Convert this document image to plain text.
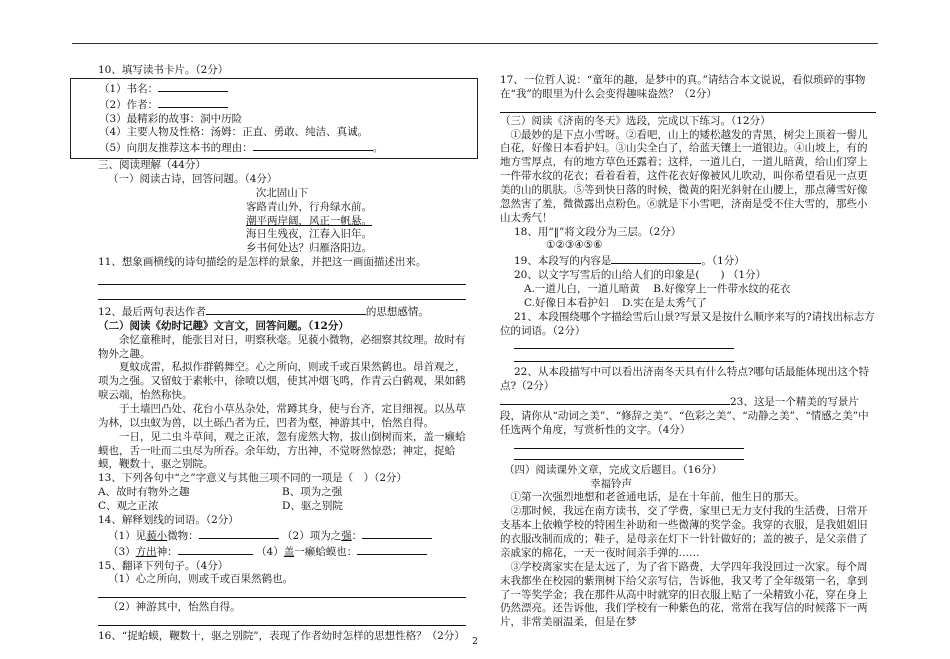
10、填写读书卡片。（2分）

（1）书名：

（2）作者：

（3）最精彩的故事：洞中历险

（4）主要人物及性格：汤姆：正直、勇敢、纯洁、真诚。

（5）向朋友推荐这本书的理由：	。

三、阅读理解（44分）

（一）阅读古诗，回答问题。（4分）

次北固山下

客路青山外，行舟绿水前。

潮平两岸阔，风正一帆悬。

海日生残夜，江春入旧年。

乡书何处达？归雁洛阳边。

11、想象画横线的诗句描绘的是怎样的景象，并把这一画面描述出来。

12、最后两句表达作者	的思想感情。

（二）阅读《幼时记趣》文言文，回答问题。（12分）

余忆童稚时，能张目对日，明察秋毫。见藐小微物，必细察其纹理。故时有物外之趣。

夏蚊成雷，私拟作群鹤舞空。心之所向，则或千或百果然鹤也。昂首观之，项为之强。又留蚊于素帐中，徐喷以烟，使其冲烟飞鸣，作青云白鹤观，果如鹤唳云端，怡然称快。

于土墙凹凸处、花台小草丛杂处，常蹲其身，使与台齐，定目细视。以丛草为林，以虫蚁为兽，以土砾凸者为丘，凹者为壑，神游其中，怡然自得。

一日，见二虫斗草间，观之正浓，忽有庞然大物，拔山倒树而来，盖一癞蛤蟆也，舌一吐而二虫尽为所吞。余年幼，方出神，不觉呀然惊恐；神定，捉蛤蟆，鞭数十，驱之别院。

13、下列各句中“之”字意义与其他三项不同的一项是（　）（2分）

A、故时有物外之趣	B、项为之强
C、观之正浓	D、驱之别院

14、解释划线的词语。（2分）

（1）见藐小微物：	（2）项为之强：

（3）方出神：	（4）盖一癞蛤蟆也：

15、翻译下列句子。（4分）

（1）心之所向，则或千或百果然鹤也。

（2）神游其中，怡然自得。

16、“捉蛤蟆，鞭数十，驱之别院”，表现了作者幼时怎样的思想性格？（2分）

17、一位哲人说：“童年的趣，是梦中的真。”请结合本文说说，看似琐碎的事物在“我”的眼里为什么会变得趣味盎然？（2分）

（三）阅读《济南的冬天》选段，完成以下练习。（12分）

①最妙的是下点小雪呀。②看吧，山上的矮松越发的青黑，树尖上顶着一髻儿白花，好像日本看护妇。③山尖全白了，给蓝天镶上一道银边。④山坡上，有的地方雪厚点，有的地方草色还露着；这样，一道儿白，一道儿暗黄，给山们穿上一件带水纹的花衣；看着看着，这件花衣好像被风儿吹动，叫你希望看见一点更美的山的肌肤。⑤等到快日落的时候，微黄的阳光斜射在山腰上，那点薄雪好像忽然害了羞，微微露出点粉色。⑥就是下小雪吧，济南是受不住大雪的，那些小山太秀气！

18、用“‖”将文段分为三层。（2分）

①②③④⑤⑥

19、本段写的内容是	。（1分）

20、以文字写雪后的山给人们的印象是(　　) （1分）

A.一道儿白，一道儿暗黄 B.好像穿上一件带水纹的花衣

C.好像日本看护妇 D.实在是太秀气了

21、本段围绕哪个字描绘雪后山景?写景又是按什么顺序来写的?请找出标志方位的词语。（2分）

22、从本段描写中可以看出济南冬天具有什么特点?哪句话最能体现出这个特点?（2分）

23、这是一个精美的写景片段，请你从“动词之美”、“修辞之美”、“色彩之美”、“动静之美”、“情感之美”中任选两个角度，写赏析性的文字。（4分）

（四）阅读课外文章，完成文后题目。（16分）

幸福铃声

①第一次强烈地想和老爸通电话，是在十年前，他生日的那天。

②那时候，我远在南方读书，交了学费，家里已无力支付我的生活费，日常开支基本上依赖学校的特困生补助和一些微薄的奖学金。我穿的衣服，是我姐姐旧的衣服改制而成的；鞋子，是母亲在灯下一针针做好的；盖的被子，是父亲借了亲戚家的棉花，一天一夜时间亲手弹的……

③学校离家实在是太远了，为了省下路费，大学四年我没回过一次家。每个周末我都坐在校园的紫荆树下给父亲写信，告诉他，我又考了全年级第一名，拿到了一等奖学金；我在那件从高中时就穿的旧衣服上贴了一朵精致小花，穿在身上仍然漂亮。还告诉他，我们学校有一种紫色的花，常常在我写信的时候落下一两片，非常美丽温柔，但是在梦

2
